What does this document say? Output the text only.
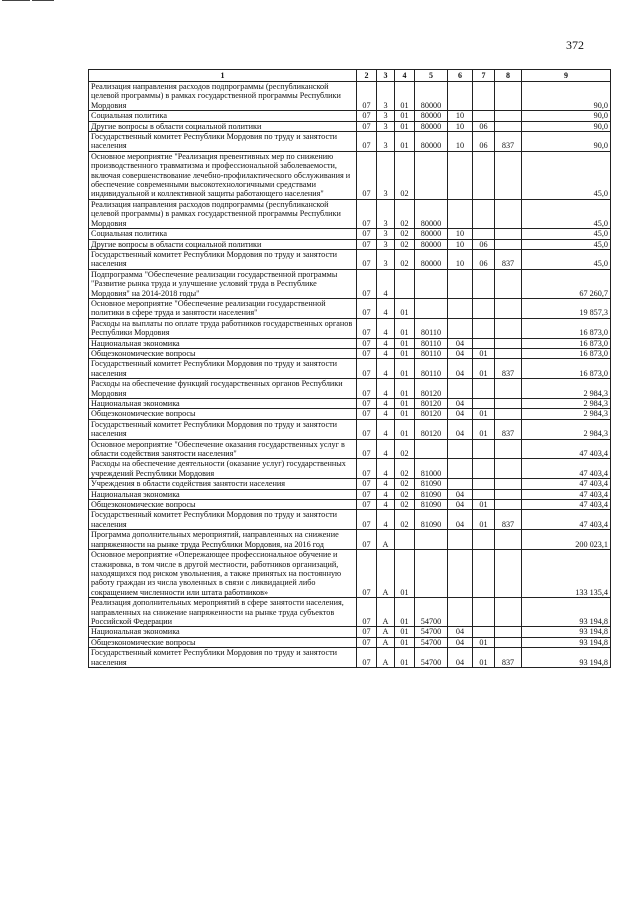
372
1	2	3	4	5	6	7	8	9
Реализация направления расходов подпрограммы (республиканской целевой программы) в рамках государственной программы Республики Мордовия	07	3	01	80000				90,0
Социальная политика	07	3	01	80000	10			90,0
Другие вопросы в области социальной политики	07	3	01	80000	10	06		90,0
Государственный комитет Республики Мордовия по труду и занятости населения	07	3	01	80000	10	06	837	90,0
Основное мероприятие "Реализация превентивных мер по снижению производственного травматизма и профессиональной заболеваемости, включая совершенствование лечебно-профилактического обслуживания и обеспечение современными высокотехнологичными средствами индивидуальной и коллективной защиты работающего населения"	07	3	02					45,0
Реализация направления расходов подпрограммы (республиканской целевой программы) в рамках государственной программы Республики Мордовия	07	3	02	80000				45,0
Социальная политика	07	3	02	80000	10			45,0
Другие вопросы в области социальной политики	07	3	02	80000	10	06		45,0
Государственный комитет Республики Мордовия по труду и занятости населения	07	3	02	80000	10	06	837	45,0
Подпрограмма "Обеспечение реализации государственной программы "Развитие рынка труда и улучшение условий труда в Республике Мордовия" на 2014-2018 годы"	07	4						67 260,7
Основное мероприятие "Обеспечение реализации государственной политики в сфере труда и занятости населения"	07	4	01					19 857,3
Расходы на выплаты по оплате труда работников государственных органов Республики Мордовия	07	4	01	80110				16 873,0
Национальная экономика	07	4	01	80110	04			16 873,0
Общеэкономические вопросы	07	4	01	80110	04	01		16 873,0
Государственный комитет Республики Мордовия по труду и занятости населения	07	4	01	80110	04	01	837	16 873,0
Расходы на обеспечение функций государственных органов Республики Мордовия	07	4	01	80120				2 984,3
Национальная экономика	07	4	01	80120	04			2 984,3
Общеэкономические вопросы	07	4	01	80120	04	01		2 984,3
Государственный комитет Республики Мордовия по труду и занятости населения	07	4	01	80120	04	01	837	2 984,3
Основное мероприятие "Обеспечение оказания государственных услуг в области содействия занятости населения"	07	4	02					47 403,4
Расходы на обеспечение деятельности (оказание услуг) государственных учреждений Республики Мордовия	07	4	02	81000				47 403,4
Учреждения в области содействия занятости населения	07	4	02	81090				47 403,4
Национальная экономика	07	4	02	81090	04			47 403,4
Общеэкономические вопросы	07	4	02	81090	04	01		47 403,4
Государственный комитет Республики Мордовия по труду и занятости населения	07	4	02	81090	04	01	837	47 403,4
Программа дополнительных мероприятий, направленных на снижение напряженности на рынке труда Республики Мордовия, на 2016 год	07	А						200 023,1
Основное мероприятие «Опережающее профессиональное обучение и стажировка, в том числе в другой местности, работников организаций, находящихся под риском увольнения, а также принятых на постоянную работу граждан из числа уволенных в связи с ликвидацией либо сокращением численности или штата работников»	07	А	01					133 135,4
Реализация дополнительных мероприятий в сфере занятости населения, направленных на снижение напряженности на рынке труда субъектов Российской Федерации	07	А	01	54700				93 194,8
Национальная экономика	07	А	01	54700	04			93 194,8
Общеэкономические вопросы	07	А	01	54700	04	01		93 194,8
Государственный комитет Республики Мордовия по труду и занятости населения	07	А	01	54700	04	01	837	93 194,8
